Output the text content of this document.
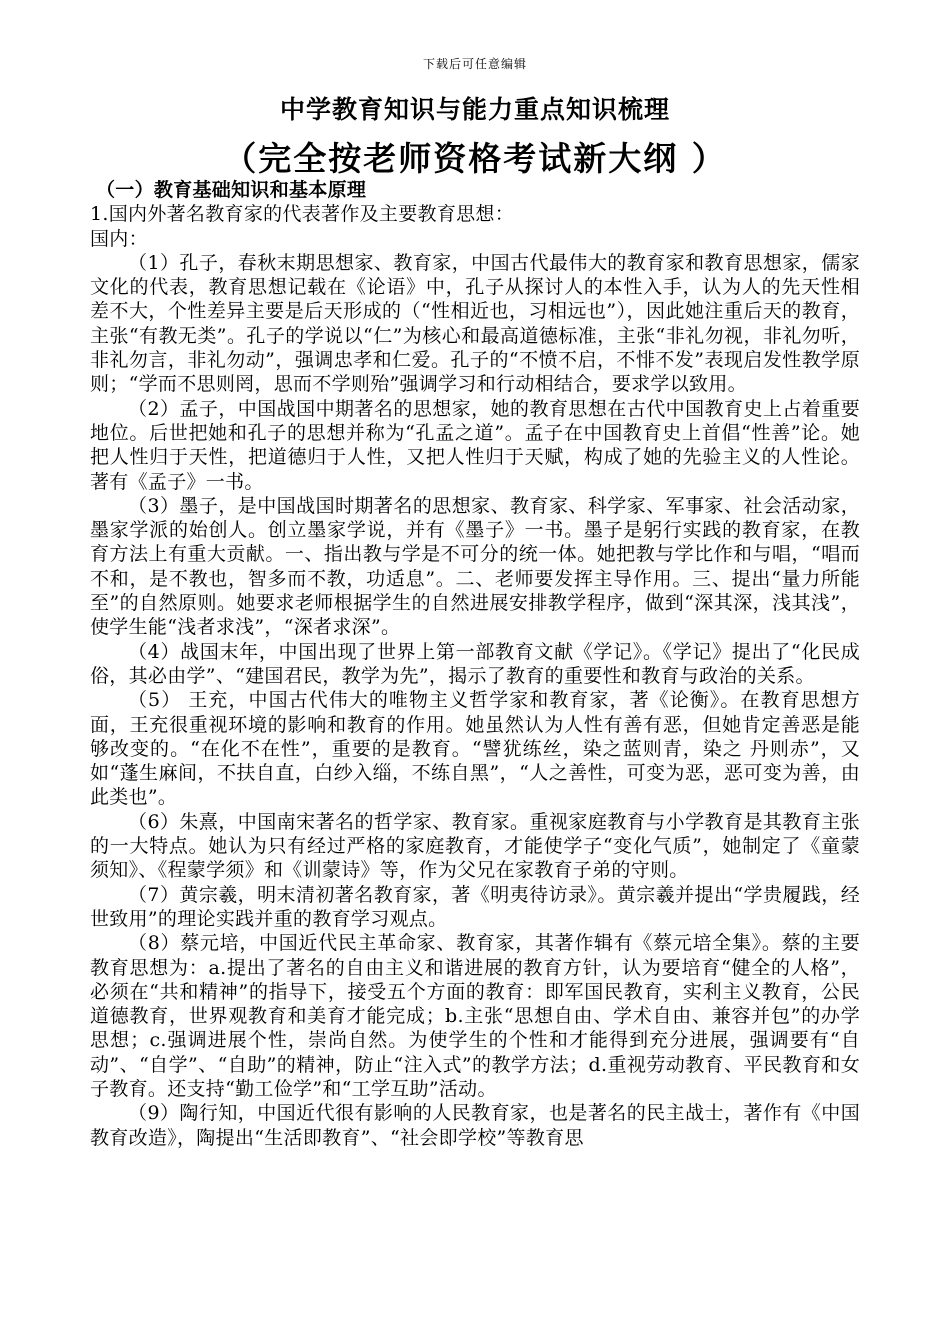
下载后可任意编辑
中学教育知识与能力重点知识梳理
（完全按老师资格考试新大纲 ）

（一）教育基础知识和基本原理

1.国内外著名教育家的代表著作及主要教育思想：

国内：

（1）孔子，春秋末期思想家、教育家，中国古代最伟大的教育家和教育思想家，儒家文化的代表，教育思想记载在《论语》中，孔子从探讨人的本性入手，认为人的先天性相差不大，个性差异主要是后天形成的（“性相近也，习相远也”），因此她注重后天的教育，主张“有教无类”。孔子的学说以“仁”为核心和最高道德标准，主张“非礼勿视，非礼勿听，非礼勿言，非礼勿动”，强调忠孝和仁爱。孔子的“不愤不启，不悱不发”表现启发性教学原则；“学而不思则罔，思而不学则殆”强调学习和行动相结合，要求学以致用。

（2）孟子，中国战国中期著名的思想家，她的教育思想在古代中国教育史上占着重要地位。后世把她和孔子的思想并称为“孔孟之道”。孟子在中国教育史上首倡“性善”论。她把人性归于天性，把道德归于人性，又把人性归于天赋，构成了她的先验主义的人性论。著有《孟子》一书。

（3）墨子，是中国战国时期著名的思想家、教育家、科学家、军事家、社会活动家，墨家学派的始创人。创立墨家学说，并有《墨子》一书。墨子是躬行实践的教育家，在教育方法上有重大贡献。一、指出教与学是不可分的统一体。她把教与学比作和与唱，“唱而不和，是不教也，智多而不教，功适息”。二、老师要发挥主导作用。三、提出“量力所能至”的自然原则。她要求老师根据学生的自然进展安排教学程序，做到“深其深，浅其浅”，使学生能“浅者求浅”，“深者求深”。

（4）战国末年，中国出现了世界上第一部教育文献《学记》。《学记》提出了“化民成俗，其必由学”、“建国君民，教学为先”，揭示了教育的重要性和教育与政治的关系。

（5） 王充，中国古代伟大的唯物主义哲学家和教育家，著《论衡》。在教育思想方面，王充很重视环境的影响和教育的作用。她虽然认为人性有善有恶，但她肯定善恶是能够改变的。“在化不在性”，重要的是教育。“譬犹练丝，染之蓝则青，染之 丹则赤”，又如“蓬生麻间，不扶自直，白纱入缁，不练自黑”，“人之善性，可变为恶，恶可变为善，由此类也”。

（6）朱熹，中国南宋著名的哲学家、教育家。重视家庭教育与小学教育是其教育主张的一大特点。她认为只有经过严格的家庭教育，才能使学子“变化气质”，她制定了《童蒙须知》、《程蒙学须》和《训蒙诗》等，作为父兄在家教育子弟的守则。

（7）黄宗羲，明末清初著名教育家，著《明夷待访录》。黄宗羲并提出“学贵履践，经世致用”的理论实践并重的教育学习观点。

（8）蔡元培，中国近代民主革命家、教育家，其著作辑有《蔡元培全集》。蔡的主要教育思想为：a.提出了著名的自由主义和谐进展的教育方针，认为要培育“健全的人格”，必须在“共和精神”的指导下，接受五个方面的教育：即军国民教育，实利主义教育，公民道德教育，世界观教育和美育才能完成；b.主张“思想自由、学术自由、兼容并包”的办学思想；c.强调进展个性，崇尚自然。为使学生的个性和才能得到充分进展，强调要有“自动”、“自学”、“自助”的精神，防止“注入式”的教学方法；d.重视劳动教育、平民教育和女子教育。还支持“勤工俭学”和“工学互助”活动。

（9）陶行知，中国近代很有影响的人民教育家，也是著名的民主战士，著作有《中国教育改造》，陶提出“生活即教育”、“社会即学校”等教育思
